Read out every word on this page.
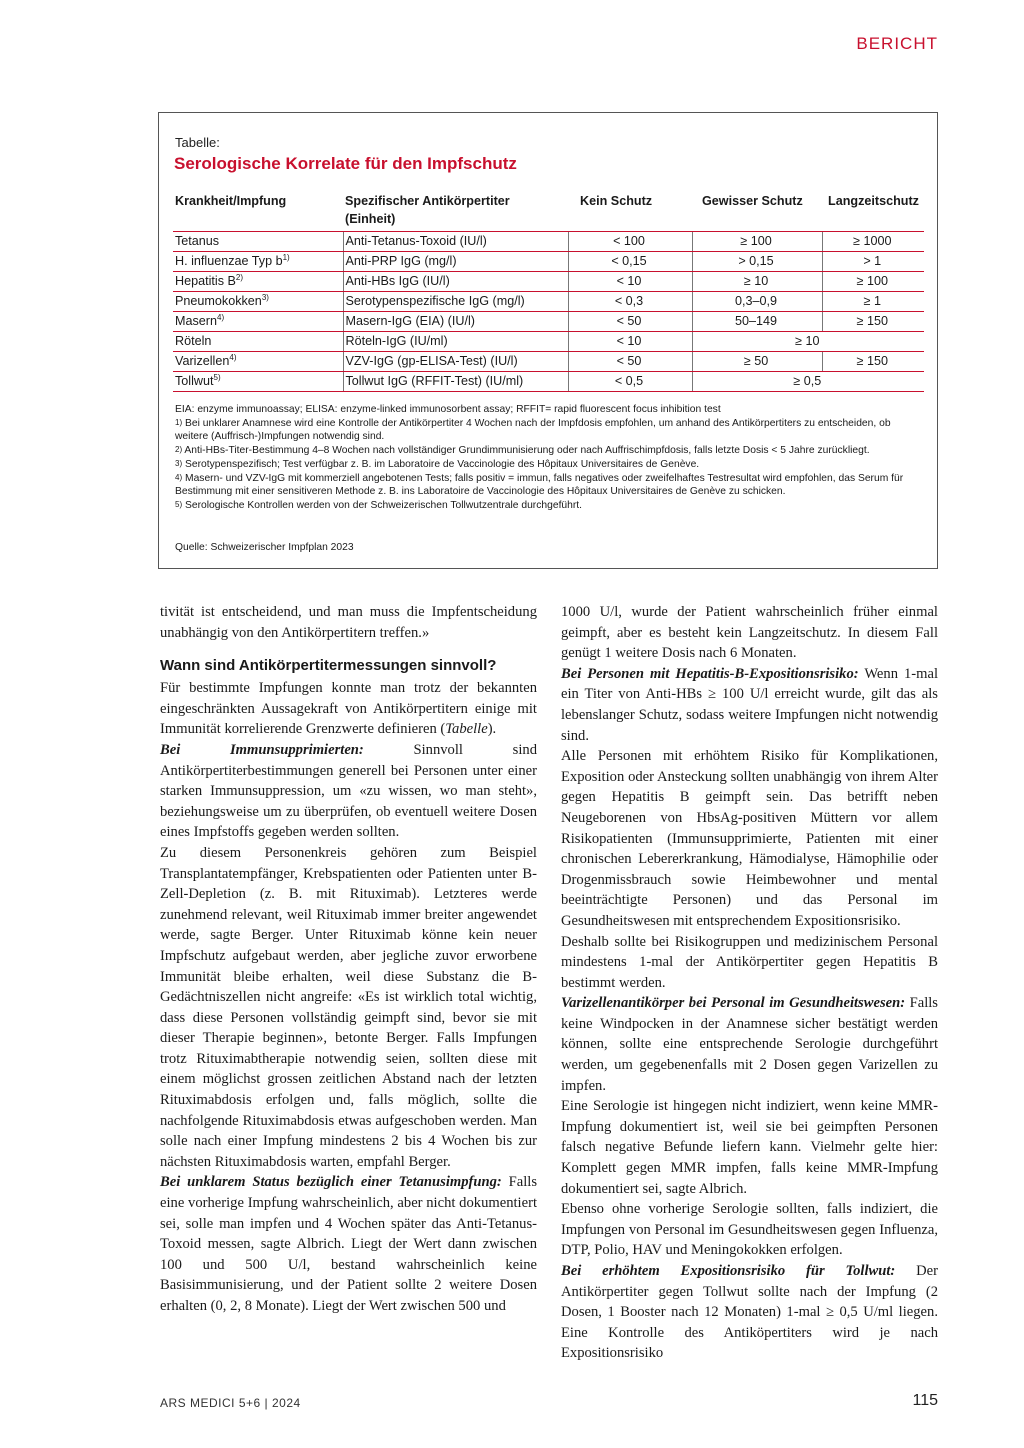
BERICHT
Tabelle:
Serologische Korrelate für den Impfschutz
Krankheit/Impfung	Spezifischer Antikörpertiter (Einheit)	Kein Schutz	Gewisser Schutz	Langzeitschutz
Tetanus	Anti-Tetanus-Toxoid (IU/l)	< 100	≥ 100	≥ 1000
H. influenzae Typ $b^{1)}$	Anti-PRP IgG (mg/l)	< 0,15	> 0,15	> 1
Hepatitis $B^{2)}$	Anti-HBs IgG (IU/l)	< 10	≥ 10	≥ 100
Pneumokokken$^{3)}$	Serotypenspezifische IgG (mg/l)	< 0,3	0,3–0,9	≥ 1
Masern$^{4)}$	Masern-IgG (EIA) (IU/l)	< 50	50–149	≥ 150
Röteln	Röteln-IgG (IU/ml)	< 10	≥ 10	
Varizellen$^{4)}$	VZV-IgG (gp-ELISA-Test) (IU/l)	< 50	≥ 50	≥ 150
Tollwut$^{5)}$	Tollwut IgG (RFFIT-Test) (IU/ml)	< 0,5	≥ 0,5	

EIA: enzyme immunoassay; ELISA: enzyme-linked immunosorbent assay; RFFIT= rapid fluorescent focus inhibition test

$^{1)}$ Bei unklarer Anamnese wird eine Kontrolle der Antikörpertiter 4 Wochen nach der Impfdosis empfohlen, um anhand des Antikörpertiters zu entscheiden, ob weitere (Auffrisch-)Impfungen notwendig sind.

$^{2)}$ Anti-HBs-Titer-Bestimmung 4–8 Wochen nach vollständiger Grundimmunisierung oder nach Auffrischimpfdosis, falls letzte Dosis < 5 Jahre zurückliegt.

$^{3)}$ Serotypenspezifisch; Test verfügbar z. B. im Laboratoire de Vaccinologie des Hôpitaux Universitaires de Genève.

$^{4)}$ Masern- und VZV-IgG mit kommerziell angebotenen Tests; falls positiv = immun, falls negatives oder zweifelhaftes Testresultat wird empfohlen, das Serum für Bestimmung mit einer sensitiveren Methode z. B. ins Laboratoire de Vaccinologie des Hôpitaux Universitaires de Genève zu schicken.

$^{5)}$ Serologische Kontrollen werden von der Schweizerischen Tollwutzentrale durchgeführt.

Quelle: Schweizerischer Impfplan 2023

tivität ist entscheidend, und man muss die Impfentscheidung unabhängig von den Antikörpertitern treffen.»

Wann sind Antikörpertitermessungen sinnvoll?

Für bestimmte Impfungen konnte man trotz der bekannten eingeschränkten Aussagekraft von Antikörpertitern einige mit Immunität korrelierende Grenzwerte definieren (Tabelle).

Bei Immunsupprimierten: Sinnvoll sind Antikörpertiterbestimmungen generell bei Personen unter einer starken Immunsuppression, um «zu wissen, wo man steht», beziehungsweise um zu überprüfen, ob eventuell weitere Dosen eines Impfstoffs gegeben werden sollten.

Zu diesem Personenkreis gehören zum Beispiel Transplantatempfänger, Krebspatienten oder Patienten unter B-Zell-Depletion (z. B. mit Rituximab). Letzteres werde zunehmend relevant, weil Rituximab immer breiter angewendet werde, sagte Berger. Unter Rituximab könne kein neuer Impfschutz aufgebaut werden, aber jegliche zuvor erworbene Immunität bleibe erhalten, weil diese Substanz die B-Gedächtniszellen nicht angreife: «Es ist wirklich total wichtig, dass diese Personen vollständig geimpft sind, bevor sie mit dieser Therapie beginnen», betonte Berger. Falls Impfungen trotz Rituximabtherapie notwendig seien, sollten diese mit einem möglichst grossen zeitlichen Abstand nach der letzten Rituximabdosis erfolgen und, falls möglich, sollte die nachfolgende Rituximabdosis etwas aufgeschoben werden. Man solle nach einer Impfung mindestens 2 bis 4 Wochen bis zur nächsten Rituximabdosis warten, empfahl Berger.

Bei unklarem Status bezüglich einer Tetanusimpfung: Falls eine vorherige Impfung wahrscheinlich, aber nicht dokumentiert sei, solle man impfen und 4 Wochen später das Anti-Tetanus-Toxoid messen, sagte Albrich. Liegt der Wert dann zwischen 100 und 500 U/l, bestand wahrscheinlich keine Basisimmunisierung, und der Patient sollte 2 weitere Dosen erhalten (0, 2, 8 Monate). Liegt der Wert zwischen 500 und

1000 U/l, wurde der Patient wahrscheinlich früher einmal geimpft, aber es besteht kein Langzeitschutz. In diesem Fall genügt 1 weitere Dosis nach 6 Monaten.

Bei Personen mit Hepatitis-B-Expositionsrisiko: Wenn 1-mal ein Titer von Anti-HBs ≥ 100 U/l erreicht wurde, gilt das als lebenslanger Schutz, sodass weitere Impfungen nicht notwendig sind.

Alle Personen mit erhöhtem Risiko für Komplikationen, Exposition oder Ansteckung sollten unabhängig von ihrem Alter gegen Hepatitis B geimpft sein. Das betrifft neben Neugeborenen von HbsAg-positiven Müttern vor allem Risikopatienten (Immunsupprimierte, Patienten mit einer chronischen Lebererkrankung, Hämodialyse, Hämophilie oder Drogenmissbrauch sowie Heimbewohner und mental beeinträchtigte Personen) und das Personal im Gesundheitswesen mit entsprechendem Expositionsrisiko.

Deshalb sollte bei Risikogruppen und medizinischem Personal mindestens 1-mal der Antikörpertiter gegen Hepatitis B bestimmt werden.

Varizellenantikörper bei Personal im Gesundheitswesen: Falls keine Windpocken in der Anamnese sicher bestätigt werden können, sollte eine entsprechende Serologie durchgeführt werden, um gegebenenfalls mit 2 Dosen gegen Varizellen zu impfen.

Eine Serologie ist hingegen nicht indiziert, wenn keine MMR-Impfung dokumentiert ist, weil sie bei geimpften Personen falsch negative Befunde liefern kann. Vielmehr gelte hier: Komplett gegen MMR impfen, falls keine MMR-Impfung dokumentiert sei, sagte Albrich.

Ebenso ohne vorherige Serologie sollten, falls indiziert, die Impfungen von Personal im Gesundheitswesen gegen Influenza, DTP, Polio, HAV und Meningokokken erfolgen.

Bei erhöhtem Expositionsrisiko für Tollwut: Der Antikörpertiter gegen Tollwut sollte nach der Impfung (2 Dosen, 1 Booster nach 12 Monaten) 1-mal ≥ 0,5 U/ml liegen. Eine Kontrolle des Antiköpertiters wird je nach Expositionsrisiko

ARS MEDICI 5+6 | 2024	115
